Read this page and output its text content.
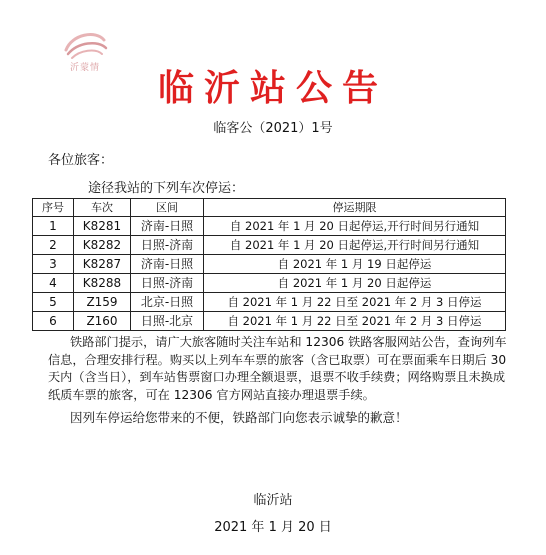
沂蒙情	临沂站公告
临客公（2021）1号
各位旅客：
途径我站的下列车次停运：
序号	车次	区间	停运期限
1	K8281	济南-日照	自 2021 年 1 月 20 日起停运,开行时间另行通知
2	K8282	日照-济南	自 2021 年 1 月 20 日起停运,开行时间另行通知
3	K8287	济南-日照	自 2021 年 1 月 19 日起停运
4	K8288	日照-济南	自 2021 年 1 月 20 日起停运
5	Z159	北京-日照	自 2021 年 1 月 22 日至 2021 年 2 月 3 日停运
6	Z160	日照-北京	自 2021 年 1 月 22 日至 2021 年 2 月 3 日停运
铁路部门提示，请广大旅客随时关注车站和 12306 铁路客服网站公告，查询列车信息，合理安排行程。购买以上列车车票的旅客（含已取票）可在票面乘车日期后 30 天内（含当日），到车站售票窗口办理全额退票，退票不收手续费；网络购票且未换成纸质车票的旅客，可在 12306 官方网站直接办理退票手续。
因列车停运给您带来的不便，铁路部门向您表示诚挚的歉意！
临沂站
2021 年 1 月 20 日
